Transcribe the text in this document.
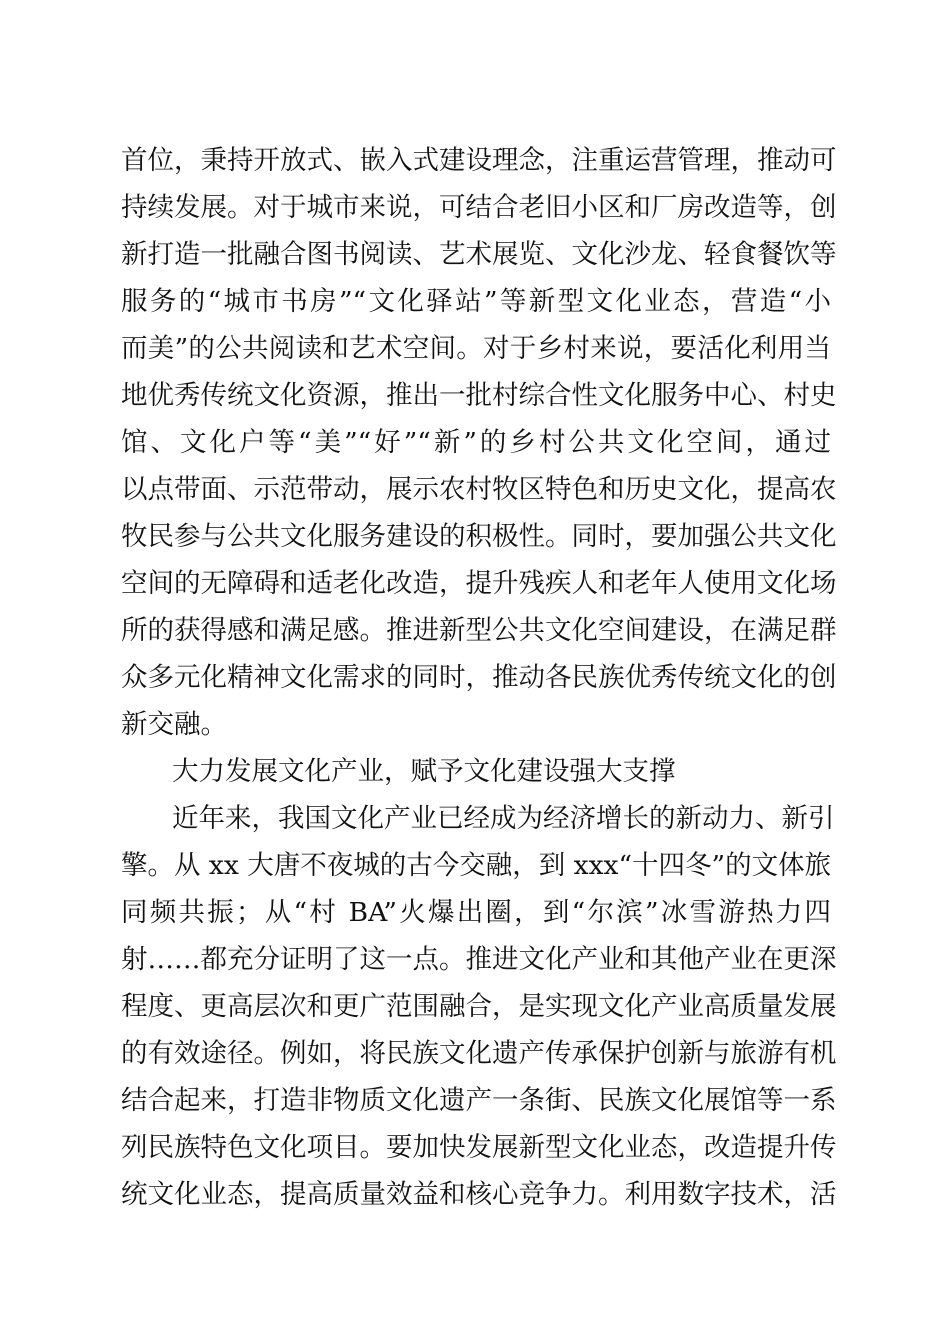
首位，秉持开放式、嵌入式建设理念，注重运营管理，推动可
持续发展。对于城市来说，可结合老旧小区和厂房改造等，创
新打造一批融合图书阅读、艺术展览、文化沙龙、轻食餐饮等
服务的“城市书房”“文化驿站”等新型文化业态，营造“小
而美”的公共阅读和艺术空间。对于乡村来说，要活化利用当
地优秀传统文化资源，推出一批村综合性文化服务中心、村史
馆、文化户等“美”“好”“新”的乡村公共文化空间，通过
以点带面、示范带动，展示农村牧区特色和历史文化，提高农
牧民参与公共文化服务建设的积极性。同时，要加强公共文化
空间的无障碍和适老化改造，提升残疾人和老年人使用文化场
所的获得感和满足感。推进新型公共文化空间建设，在满足群
众多元化精神文化需求的同时，推动各民族优秀传统文化的创
新交融。
大力发展文化产业，赋予文化建设强大支撑
近年来，我国文化产业已经成为经济增长的新动力、新引
擎。从 xx 大唐不夜城的古今交融，到 xxx“十四冬”的文体旅
同频共振；从“村 BA”火爆出圈，到“尔滨”冰雪游热力四
射……都充分证明了这一点。推进文化产业和其他产业在更深
程度、更高层次和更广范围融合，是实现文化产业高质量发展
的有效途径。例如，将民族文化遗产传承保护创新与旅游有机
结合起来，打造非物质文化遗产一条街、民族文化展馆等一系
列民族特色文化项目。要加快发展新型文化业态，改造提升传
统文化业态，提高质量效益和核心竞争力。利用数字技术，活
